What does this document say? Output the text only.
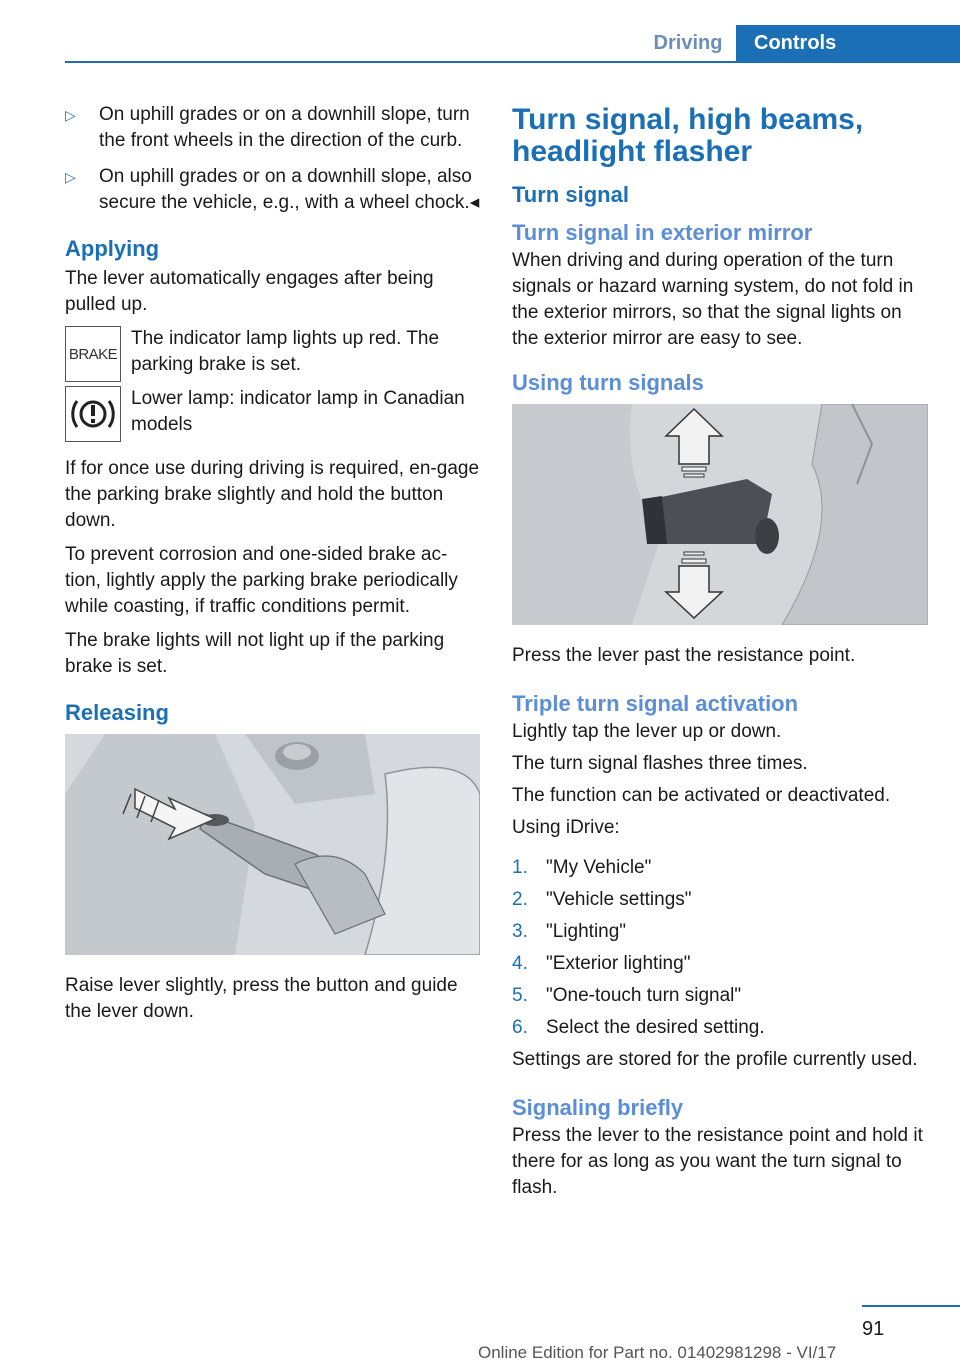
Driving	Controls
▷	On uphill grades or on a downhill slope, turn the front wheels in the direction of the curb.
▷	On uphill grades or on a downhill slope, also secure the vehicle, e.g., with a wheel chock.◂
Applying

The lever automatically engages after being pulled up.

BRAKE
The indicator lamp lights up red. The parking brake is set.
Lower lamp: indicator lamp in Canadian models

If for once use during driving is required, en‐gage the parking brake slightly and hold the button down.

To prevent corrosion and one-sided brake ac‐tion, lightly apply the parking brake periodically while coasting, if traffic conditions permit.

The brake lights will not light up if the parking brake is set.

Releasing

Raise lever slightly, press the button and guide the lever down.

Turn signal, high beams, headlight flasher
Turn signal
Turn signal in exterior mirror

When driving and during operation of the turn signals or hazard warning system, do not fold in the exterior mirrors, so that the signal lights on the exterior mirror are easy to see.

Using turn signals

Press the lever past the resistance point.

Triple turn signal activation

Lightly tap the lever up or down.

The turn signal flashes three times.

The function can be activated or deactivated.

Using iDrive:

1. "My Vehicle"
2. "Vehicle settings"
3. "Lighting"
4. "Exterior lighting"
5. "One-touch turn signal"
6. Select the desired setting.

Settings are stored for the profile currently used.

Signaling briefly

Press the lever to the resistance point and hold it there for as long as you want the turn signal to flash.

91
Online Edition for Part no. 01402981298 - VI/17
